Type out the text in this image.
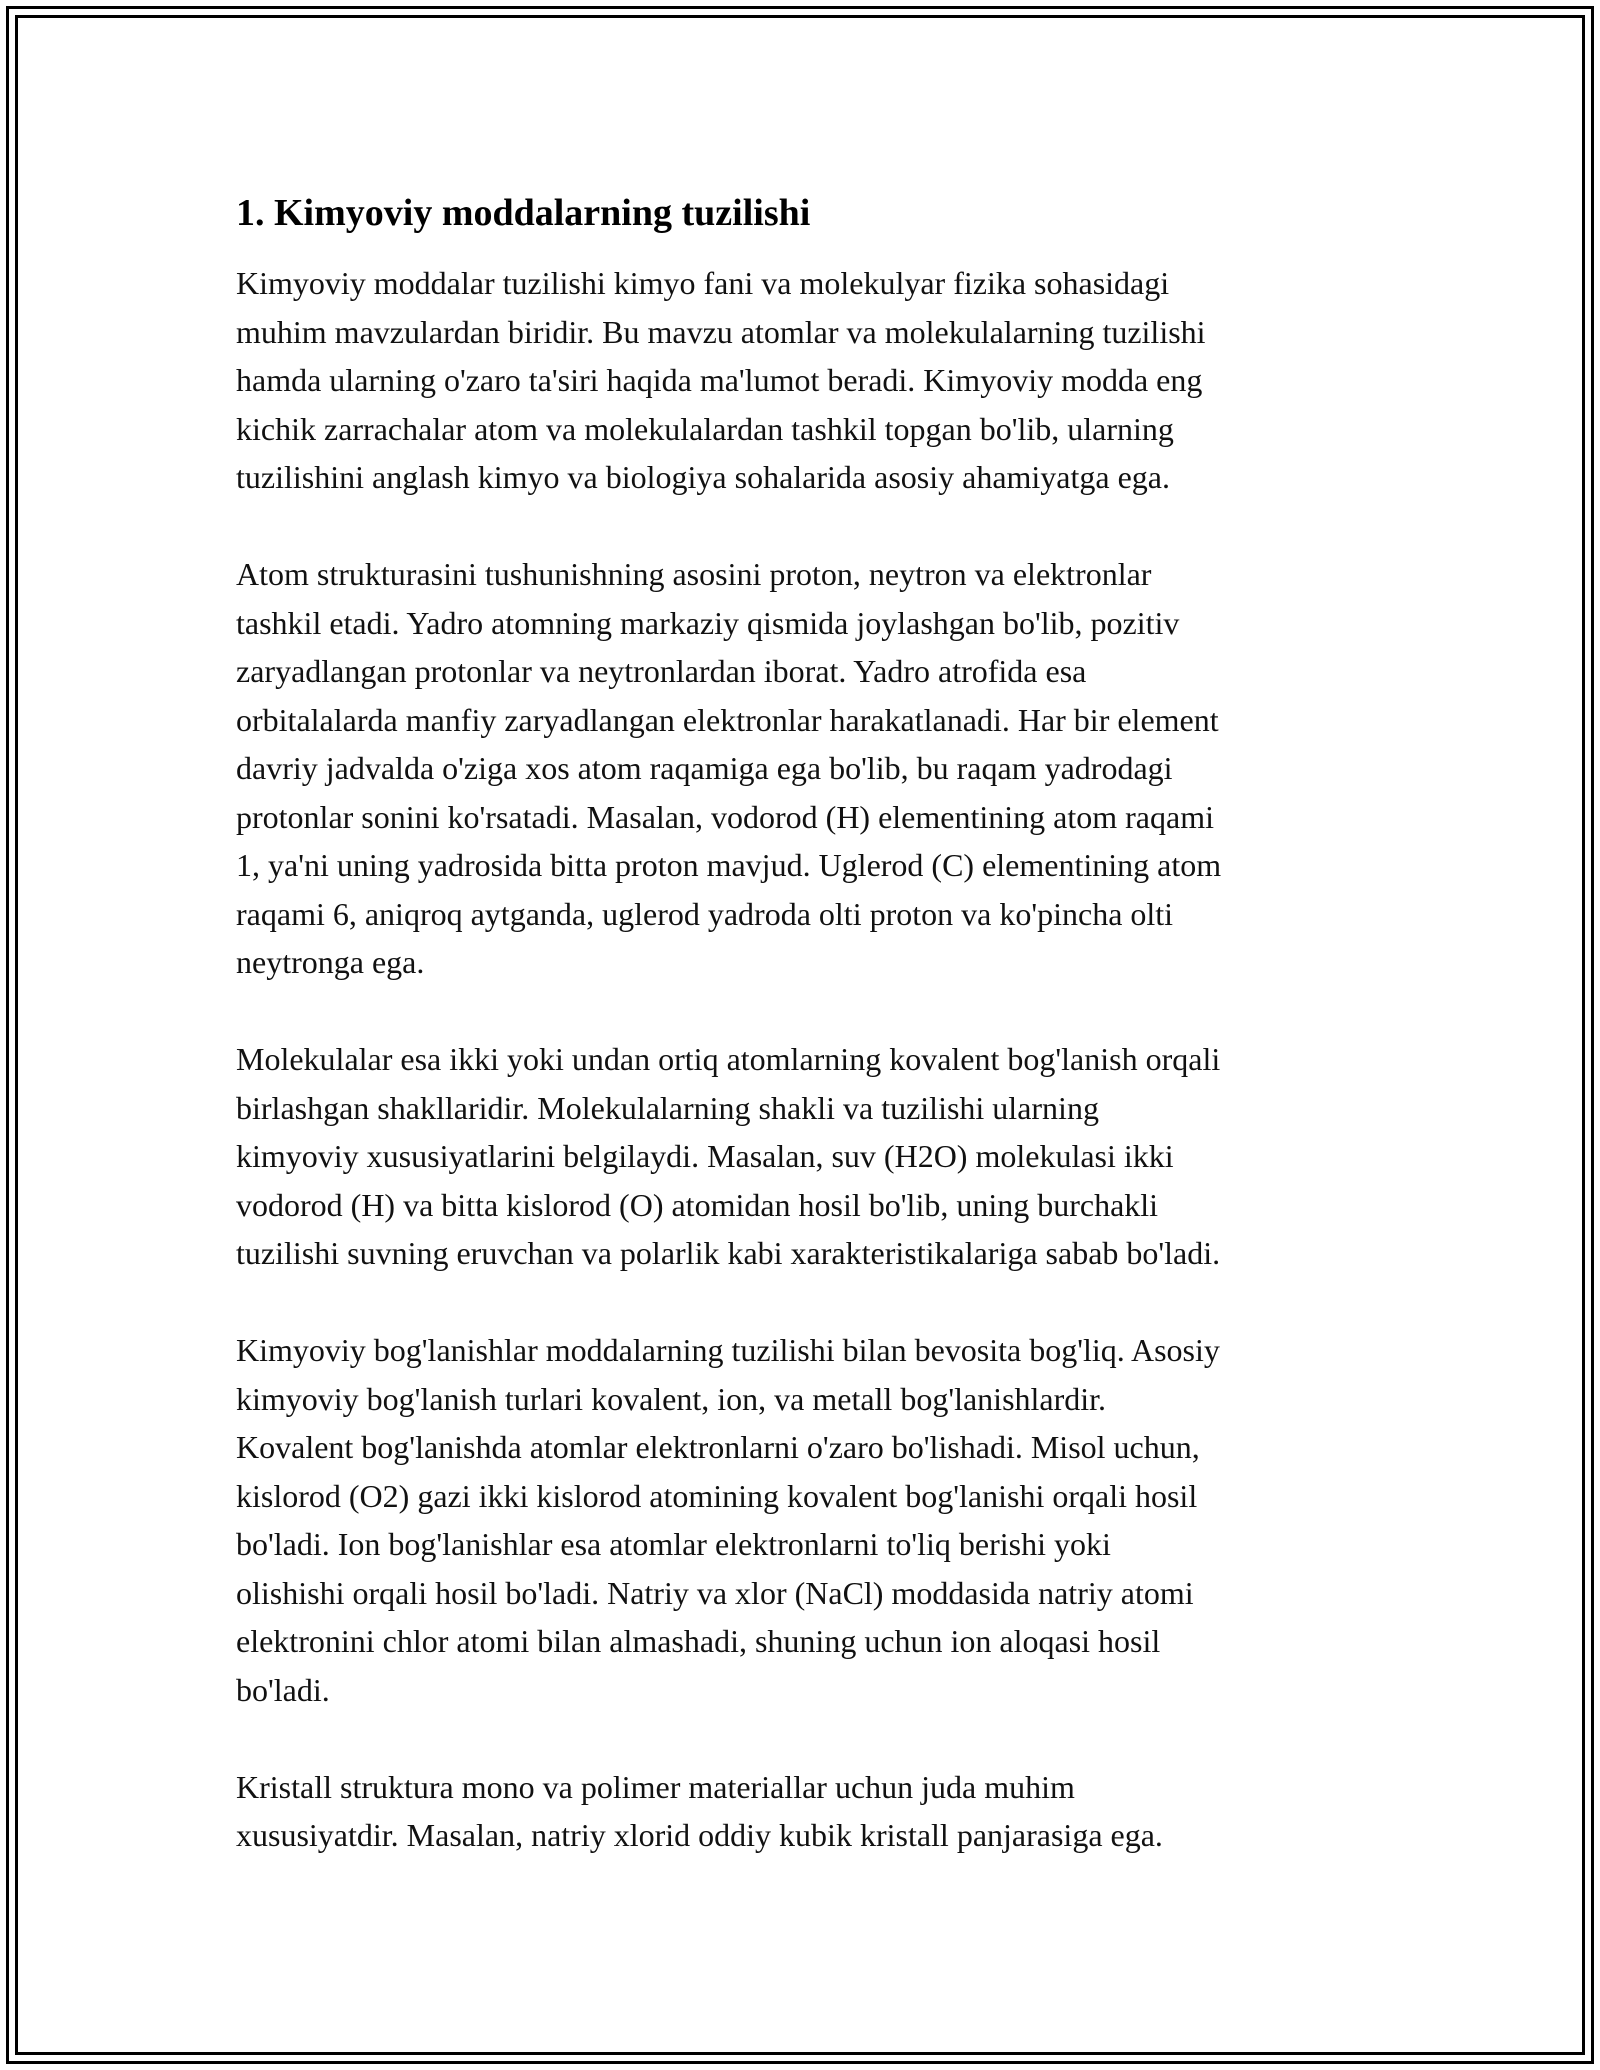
1. Kimyoviy moddalarning tuzilishi

Kimyoviy moddalar tuzilishi kimyo fani va molekulyar fizika sohasidagi
muhim mavzulardan biridir. Bu mavzu atomlar va molekulalarning tuzilishi
hamda ularning o'zaro ta'siri haqida ma'lumot beradi. Kimyoviy modda eng
kichik zarrachalar atom va molekulalardan tashkil topgan bo'lib, ularning
tuzilishini anglash kimyo va biologiya sohalarida asosiy ahamiyatga ega.

Atom strukturasini tushunishning asosini proton, neytron va elektronlar
tashkil etadi. Yadro atomning markaziy qismida joylashgan bo'lib, pozitiv
zaryadlangan protonlar va neytronlardan iborat. Yadro atrofida esa
orbitalalarda manfiy zaryadlangan elektronlar harakatlanadi. Har bir element
davriy jadvalda o'ziga xos atom raqamiga ega bo'lib, bu raqam yadrodagi
protonlar sonini ko'rsatadi. Masalan, vodorod (H) elementining atom raqami
1, ya'ni uning yadrosida bitta proton mavjud. Uglerod (C) elementining atom
raqami 6, aniqroq aytganda, uglerod yadroda olti proton va ko'pincha olti
neytronga ega.

Molekulalar esa ikki yoki undan ortiq atomlarning kovalent bog'lanish orqali
birlashgan shakllaridir. Molekulalarning shakli va tuzilishi ularning
kimyoviy xususiyatlarini belgilaydi. Masalan, suv (H2O) molekulasi ikki
vodorod (H) va bitta kislorod (O) atomidan hosil bo'lib, uning burchakli
tuzilishi suvning eruvchan va polarlik kabi xarakteristikalariga sabab bo'ladi.

Kimyoviy bog'lanishlar moddalarning tuzilishi bilan bevosita bog'liq. Asosiy
kimyoviy bog'lanish turlari kovalent, ion, va metall bog'lanishlardir.
Kovalent bog'lanishda atomlar elektronlarni o'zaro bo'lishadi. Misol uchun,
kislorod (O2) gazi ikki kislorod atomining kovalent bog'lanishi orqali hosil
bo'ladi. Ion bog'lanishlar esa atomlar elektronlarni to'liq berishi yoki
olishishi orqali hosil bo'ladi. Natriy va xlor (NaCl) moddasida natriy atomi
elektronini chlor atomi bilan almashadi, shuning uchun ion aloqasi hosil
bo'ladi.

Kristall struktura mono va polimer materiallar uchun juda muhim
xususiyatdir. Masalan, natriy xlorid oddiy kubik kristall panjarasiga ega.
